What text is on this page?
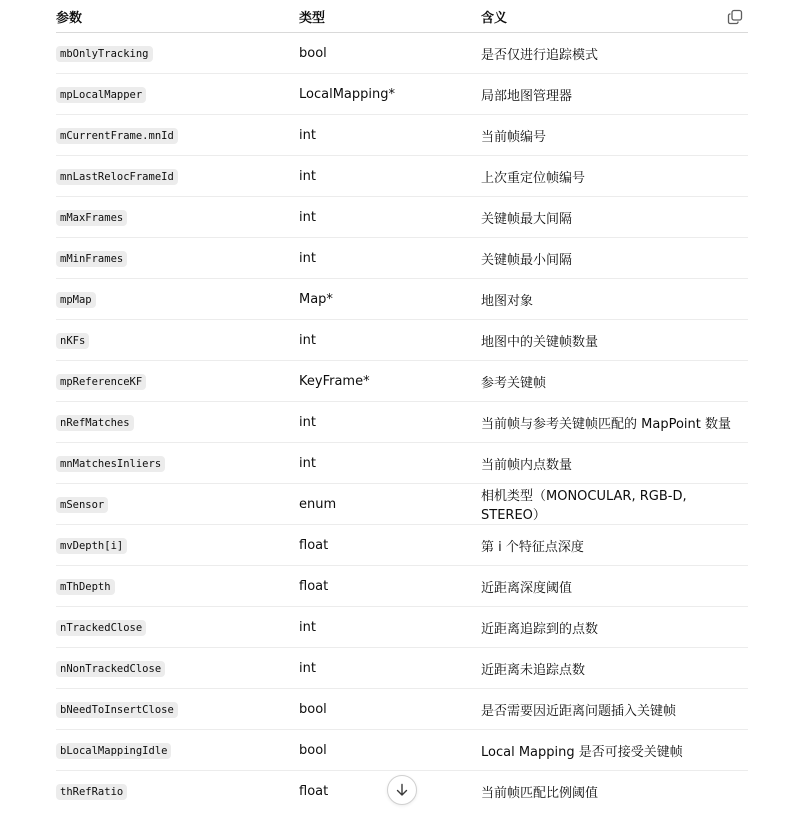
参数	类型	含义
mbOnlyTracking	bool	是否仅进行追踪模式
mpLocalMapper	LocalMapping*	局部地图管理器
mCurrentFrame.mnId	int	当前帧编号
mnLastRelocFrameId	int	上次重定位帧编号
mMaxFrames	int	关键帧最大间隔
mMinFrames	int	关键帧最小间隔
mpMap	Map*	地图对象
nKFs	int	地图中的关键帧数量
mpReferenceKF	KeyFrame*	参考关键帧
nRefMatches	int	当前帧与参考关键帧匹配的 MapPoint 数量
mnMatchesInliers	int	当前帧内点数量
mSensor	enum	相机类型（MONOCULAR, RGB-D, STEREO）
mvDepth[i]	float	第 i 个特征点深度
mThDepth	float	近距离深度阈值
nTrackedClose	int	近距离追踪到的点数
nNonTrackedClose	int	近距离未追踪点数
bNeedToInsertClose	bool	是否需要因近距离问题插入关键帧
bLocalMappingIdle	bool	Local Mapping 是否可接受关键帧
thRefRatio	float	当前帧匹配比例阈值
